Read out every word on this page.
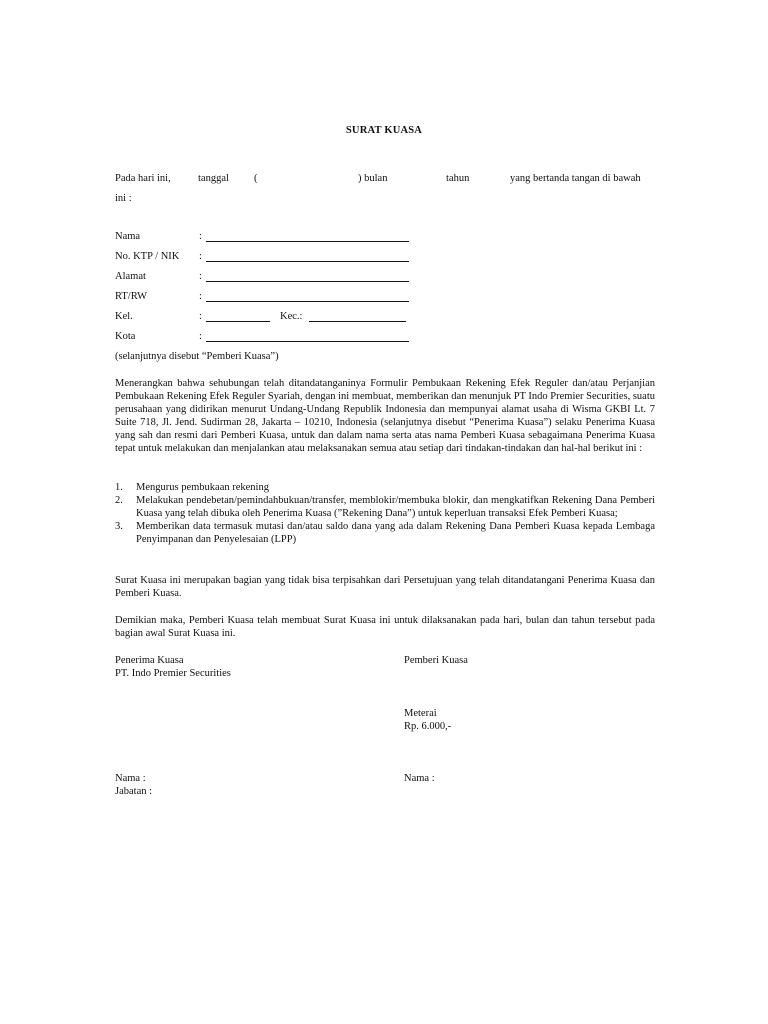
SURAT KUASA
Pada hari ini,	tanggal (	) bulan	tahun	yang bertanda tangan di bawah
ini :
Nama	:
No. KTP / NIK :
Alamat	:
RT/RW	:
Kel.	:	Kec.:
Kota	:
(selanjutnya disebut “Pemberi Kuasa”)
Menerangkan bahwa sehubungan telah ditandatanganinya Formulir Pembukaan Rekening Efek Reguler dan/atau Perjanjian Pembukaan Rekening Efek Reguler Syariah, dengan ini membuat, memberikan dan menunjuk PT Indo Premier Securities, suatu perusahaan yang didirikan menurut Undang-Undang Republik Indonesia dan mempunyai alamat usaha di Wisma GKBI Lt. 7 Suite 718, Jl. Jend. Sudirman 28, Jakarta – 10210, Indonesia (selanjutnya disebut “Penerima Kuasa”) selaku Penerima Kuasa yang sah dan resmi dari Pemberi Kuasa, untuk dan dalam nama serta atas nama Pemberi Kuasa sebagaimana Penerima Kuasa tepat untuk melakukan dan menjalankan atau melaksanakan semua atau setiap dari tindakan-tindakan dan hal-hal berikut ini :
1. Mengurus pembukaan rekening
2. Melakukan pendebetan/pemindahbukuan/transfer, memblokir/membuka blokir, dan mengkatifkan Rekening Dana Pemberi Kuasa yang telah dibuka oleh Penerima Kuasa (”Rekening Dana”) untuk keperluan transaksi Efek Pemberi Kuasa;
3. Memberikan data termasuk mutasi dan/atau saldo dana yang ada dalam Rekening Dana Pemberi Kuasa kepada Lembaga Penyimpanan dan Penyelesaian (LPP)
Surat Kuasa ini merupakan bagian yang tidak bisa terpisahkan dari Persetujuan yang telah ditandatangani Penerima Kuasa dan Pemberi Kuasa.
Demikian maka, Pemberi Kuasa telah membuat Surat Kuasa ini untuk dilaksanakan pada hari, bulan dan tahun tersebut pada bagian awal Surat Kuasa ini.
Penerima Kuasa
PT. Indo Premier Securities
Pemberi Kuasa
Meterai
Rp. 6.000,-
Nama :
Jabatan :
Nama :
